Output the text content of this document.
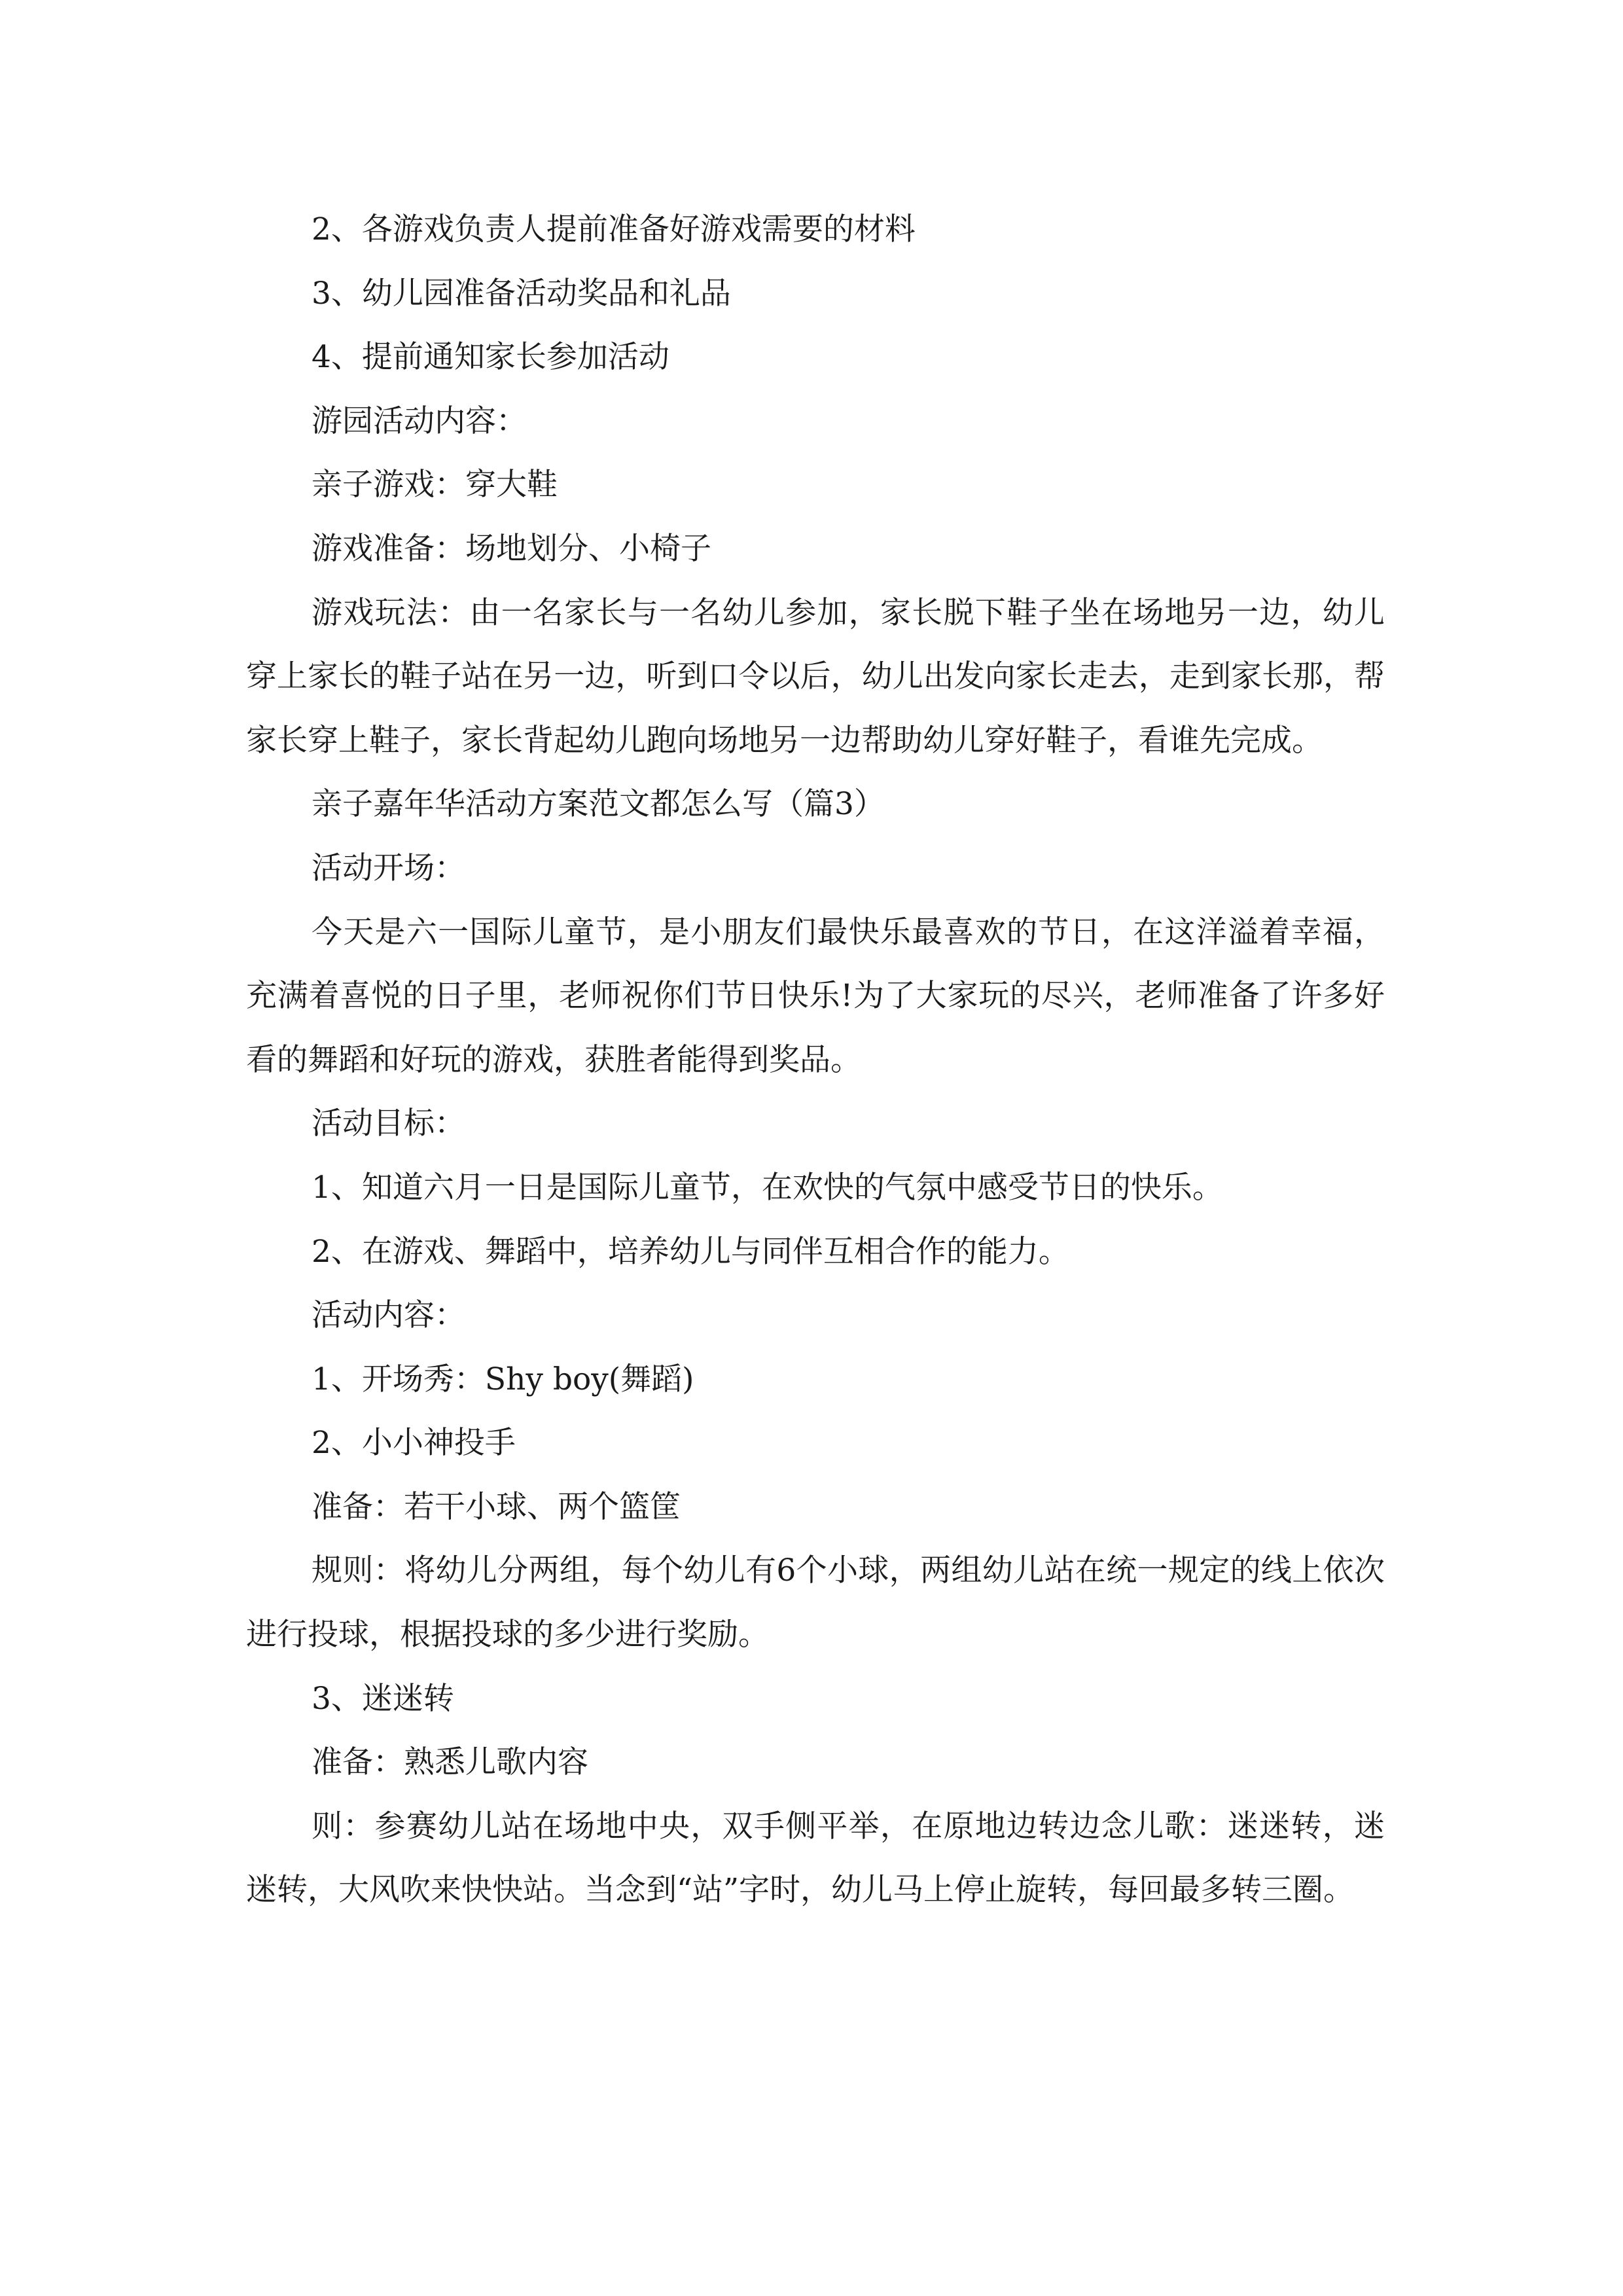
2、各游戏负责人提前准备好游戏需要的材料

3、幼儿园准备活动奖品和礼品

4、提前通知家长参加活动

游园活动内容：

亲子游戏：穿大鞋

游戏准备：场地划分、小椅子

游戏玩法：由一名家长与一名幼儿参加，家长脱下鞋子坐在场地另一边，幼儿穿上家长的鞋子站在另一边，听到口令以后，幼儿出发向家长走去，走到家长那，帮家长穿上鞋子，家长背起幼儿跑向场地另一边帮助幼儿穿好鞋子，看谁先完成。

亲子嘉年华活动方案范文都怎么写（篇3）

活动开场：

今天是六一国际儿童节，是小朋友们最快乐最喜欢的节日，在这洋溢着幸福，充满着喜悦的日子里，老师祝你们节日快乐!为了大家玩的尽兴，老师准备了许多好看的舞蹈和好玩的游戏，获胜者能得到奖品。

活动目标：

1、知道六月一日是国际儿童节，在欢快的气氛中感受节日的快乐。

2、在游戏、舞蹈中，培养幼儿与同伴互相合作的能力。

活动内容：

1、开场秀：Shy boy(舞蹈)

2、小小神投手

准备：若干小球、两个篮筐

规则：将幼儿分两组，每个幼儿有6个小球，两组幼儿站在统一规定的线上依次进行投球，根据投球的多少进行奖励。

3、迷迷转

准备：熟悉儿歌内容

则：参赛幼儿站在场地中央，双手侧平举，在原地边转边念儿歌：迷迷转，迷迷转，大风吹来快快站。当念到“站”字时，幼儿马上停止旋转，每回最多转三圈。
